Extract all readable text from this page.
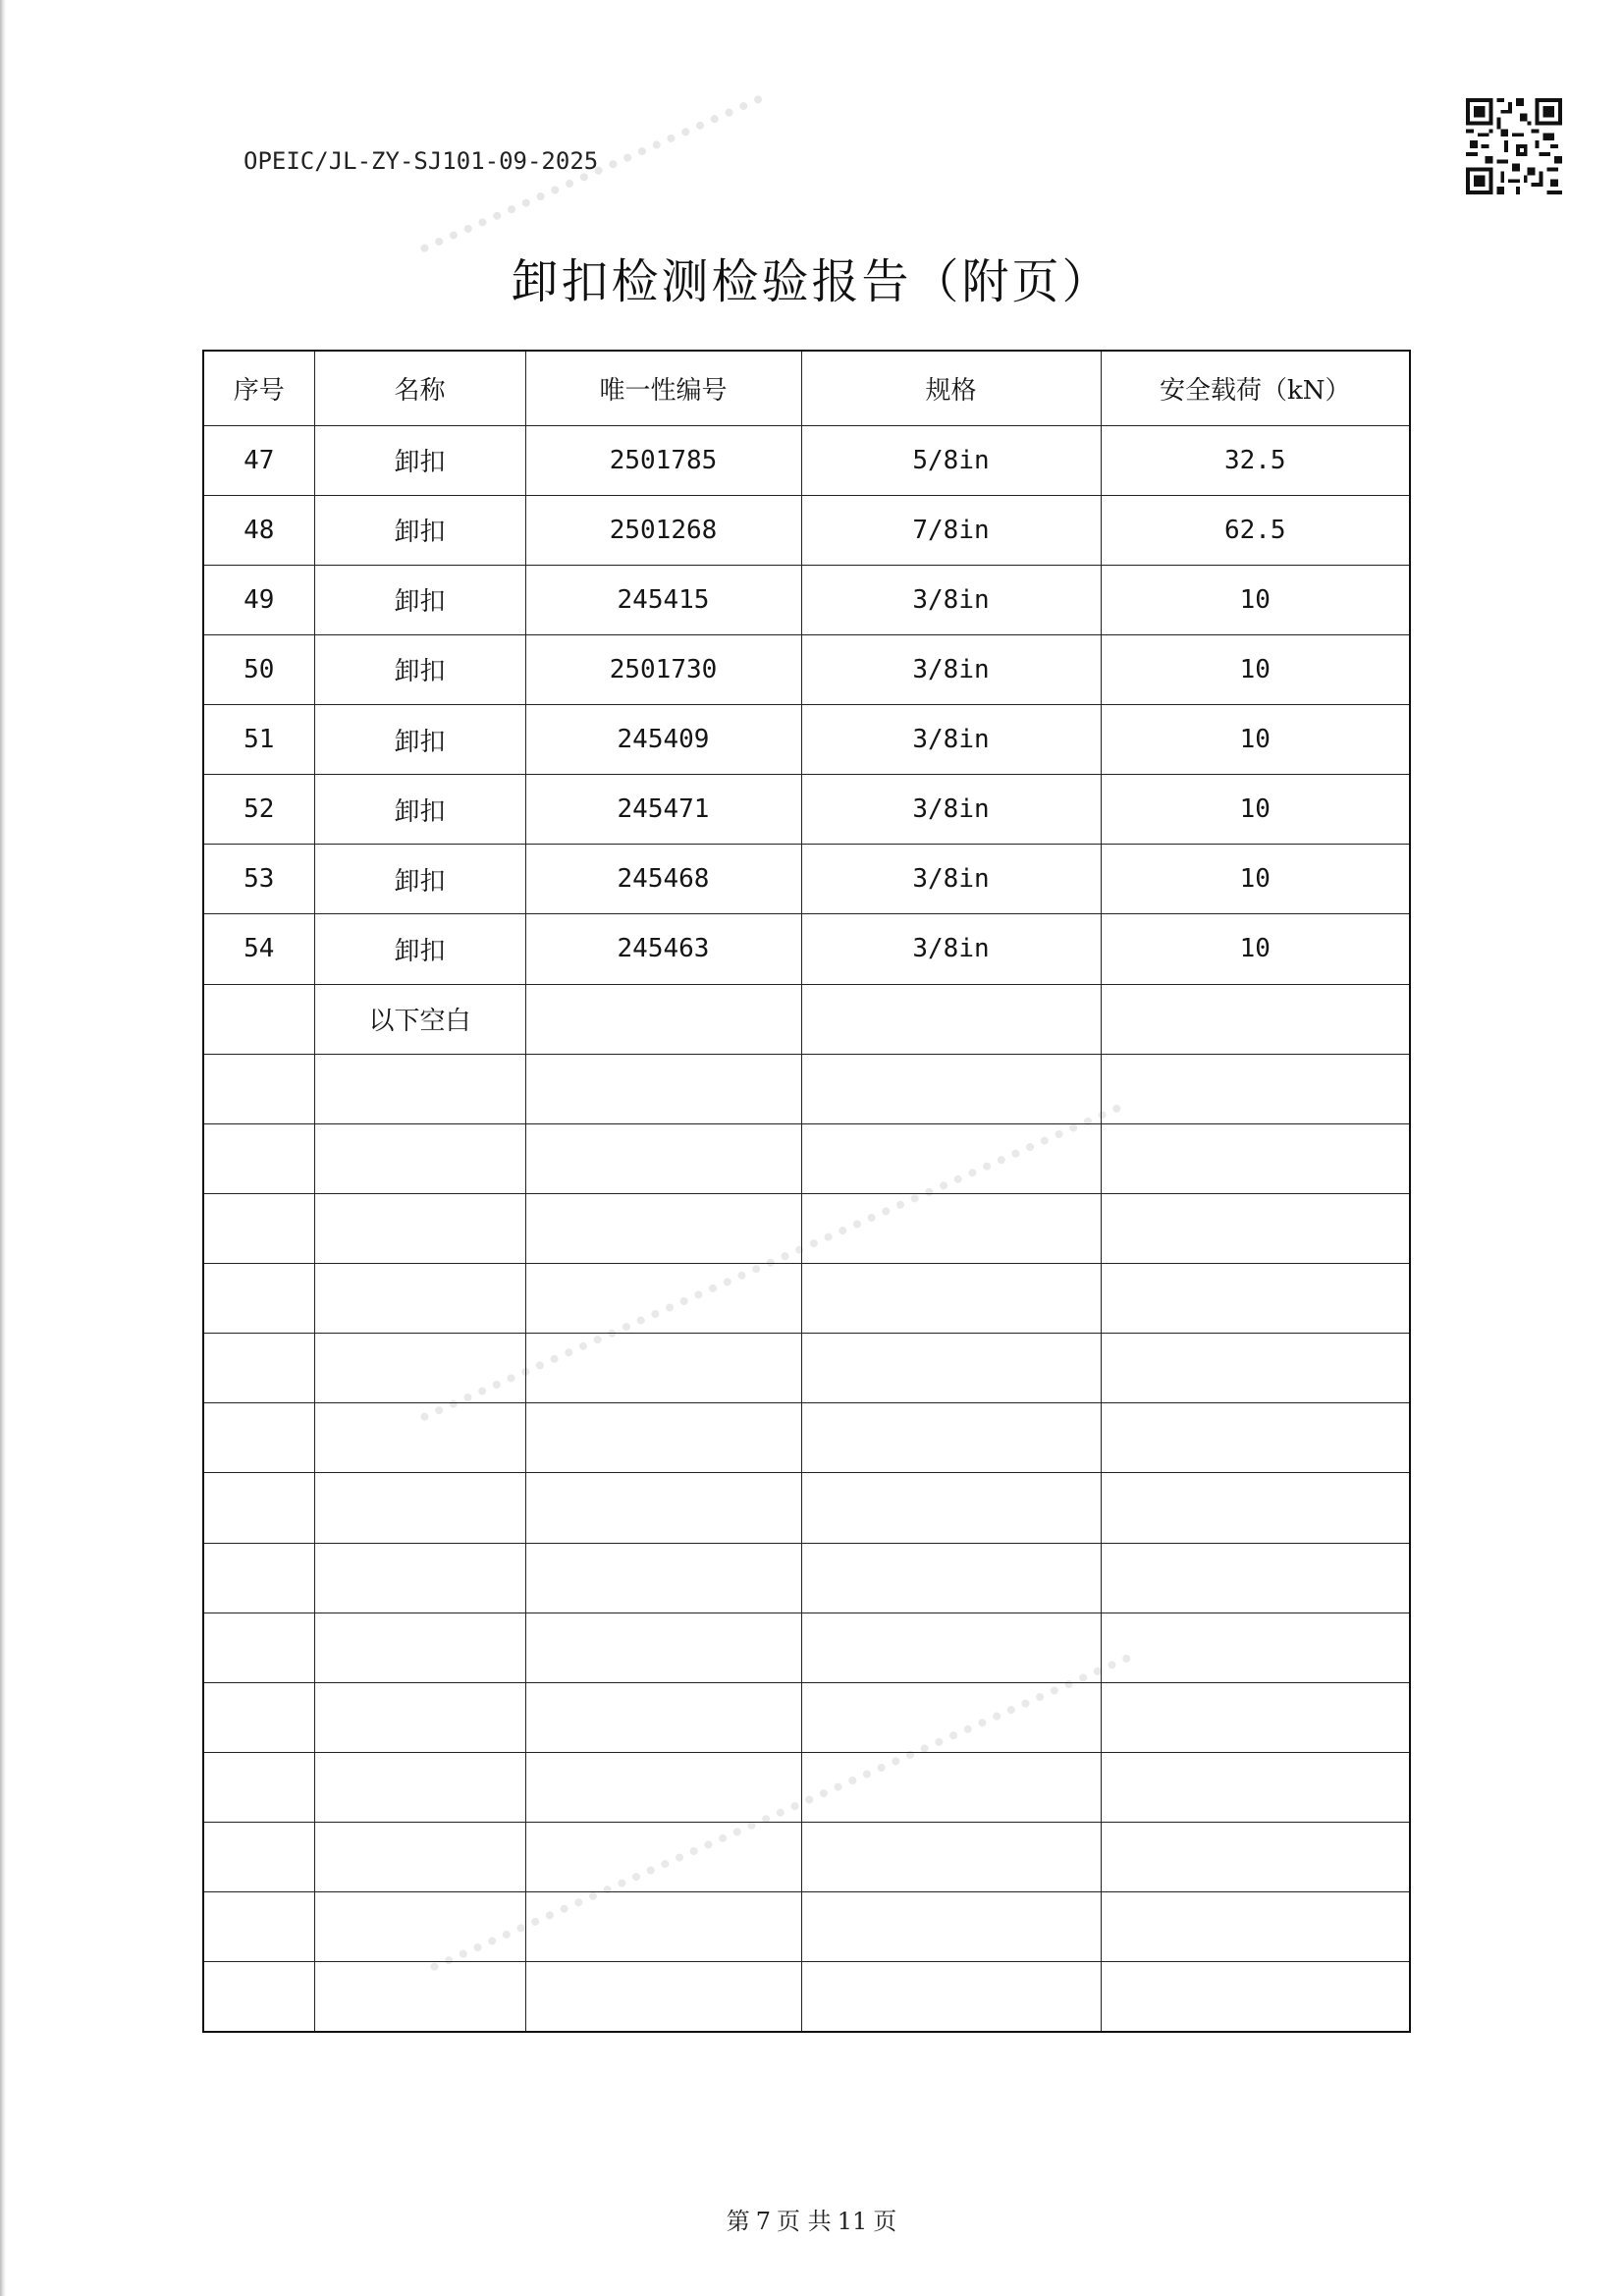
OPEIC/JL-ZY-SJ101-09-2025
卸扣检测检验报告（附页）
序号	名称	唯一性编号	规格	安全载荷（kN）
47	卸扣	2501785	5/8in	32.5
48	卸扣	2501268	7/8in	62.5
49	卸扣	245415	3/8in	10
50	卸扣	2501730	3/8in	10
51	卸扣	245409	3/8in	10
52	卸扣	245471	3/8in	10
53	卸扣	245468	3/8in	10
54	卸扣	245463	3/8in	10
	以下空白			

第 7 页 共 11 页
